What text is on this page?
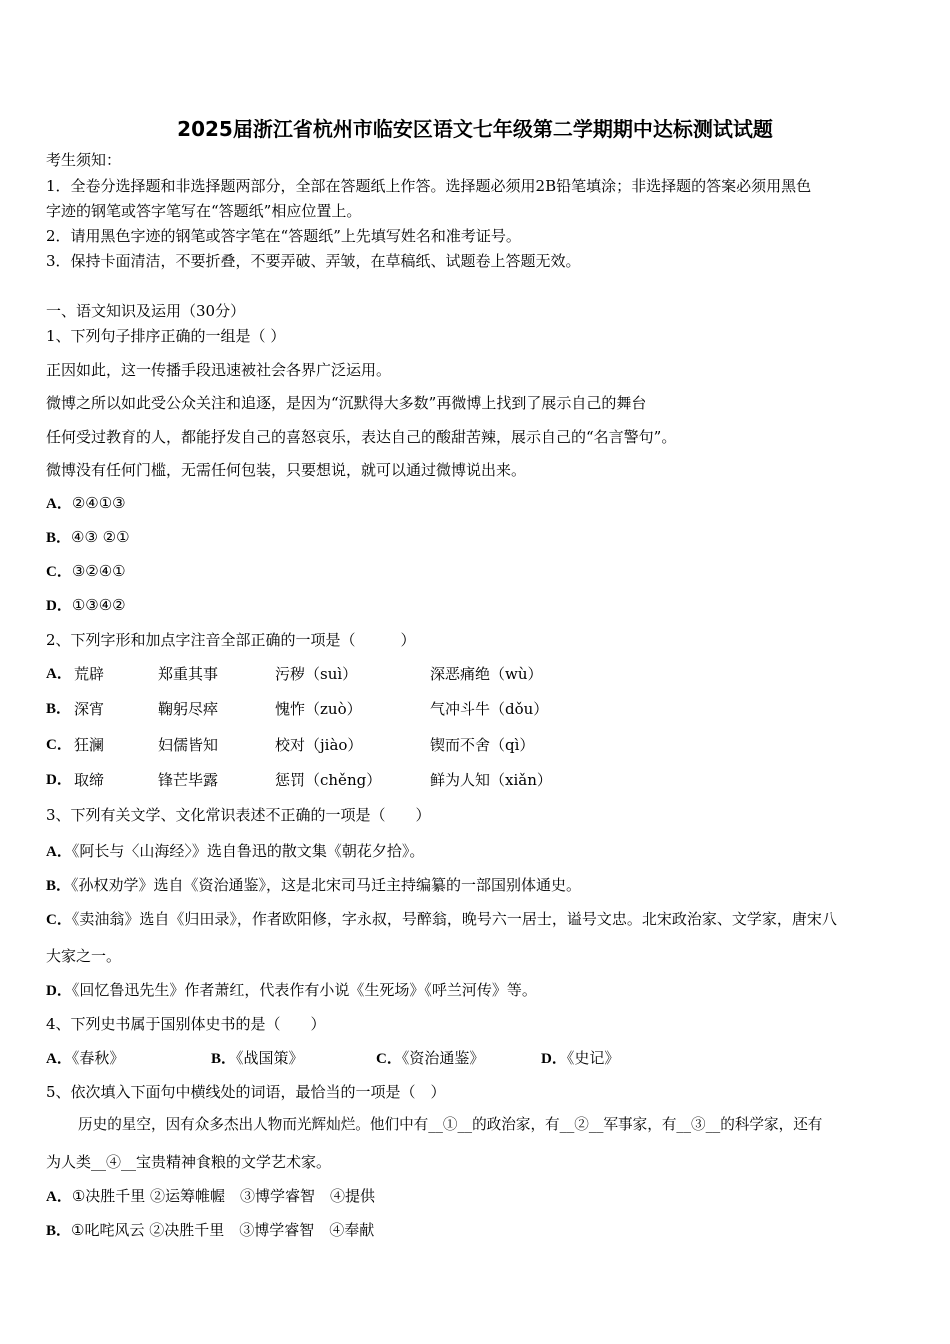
2025届浙江省杭州市临安区语文七年级第二学期期中达标测试试题
考生须知：
1．全卷分选择题和非选择题两部分，全部在答题纸上作答。选择题必须用2B铅笔填涂；非选择题的答案必须用黑色
字迹的钢笔或答字笔写在“答题纸”相应位置上。
2．请用黑色字迹的钢笔或答字笔在“答题纸”上先填写姓名和准考证号。
3．保持卡面清洁，不要折叠，不要弄破、弄皱，在草稿纸、试题卷上答题无效。
一、语文知识及运用（30分）
1、下列句子排序正确的一组是（ ）
正因如此，这一传播手段迅速被社会各界广泛运用。
微博之所以如此受公众关注和追逐，是因为“沉默得大多数”再微博上找到了展示自己的舞台
任何受过教育的人，都能抒发自己的喜怒哀乐，表达自己的酸甜苦辣，展示自己的“名言警句”。
微博没有任何门槛，无需任何包装，只要想说，就可以通过微博说出来。
A．②④①③
B．④③ ②①
C．③②④①
D．①③④②
2、下列字形和加点字注音全部正确的一项是（　　　）
A． 荒辟	郑重其事	污秽（suì）	深恶痛绝（wù）
B． 深宵	鞠躬尽瘁	愧怍（zuò）	气冲斗牛（dǒu）
C． 狂澜	妇儒皆知	校对（jiào）	锲而不舍（qì）
D． 取缔	锋芒毕露	惩罚（chěng）	鲜为人知（xiǎn）
3、下列有关文学、文化常识表述不正确的一项是（　　）
A．《阿长与〈山海经〉》选自鲁迅的散文集《朝花夕拾》。
B．《孙权劝学》选自《资治通鉴》，这是北宋司马迁主持编纂的一部国别体通史。
C．《卖油翁》选自《归田录》，作者欧阳修，字永叔，号醉翁，晚号六一居士，谥号文忠。北宋政治家、文学家，唐宋八
大家之一。
D．《回忆鲁迅先生》作者萧红，代表作有小说《生死场》《呼兰河传》等。
4、下列史书属于国别体史书的是（　　）
A．《春秋》	B．《战国策》	C．《资治通鉴》	D．《史记》
5、依次填入下面句中横线处的词语，最恰当的一项是（　）
历史的星空，因有众多杰出人物而光辉灿烂。他们中有__①__的政治家，有__②__军事家，有__③__的科学家，还有
为人类__④__宝贵精神食粮的文学艺术家。
A．①决胜千里 ②运筹帷幄　③博学睿智　④提供
B．①叱咤风云 ②决胜千里　③博学睿智　④奉献
